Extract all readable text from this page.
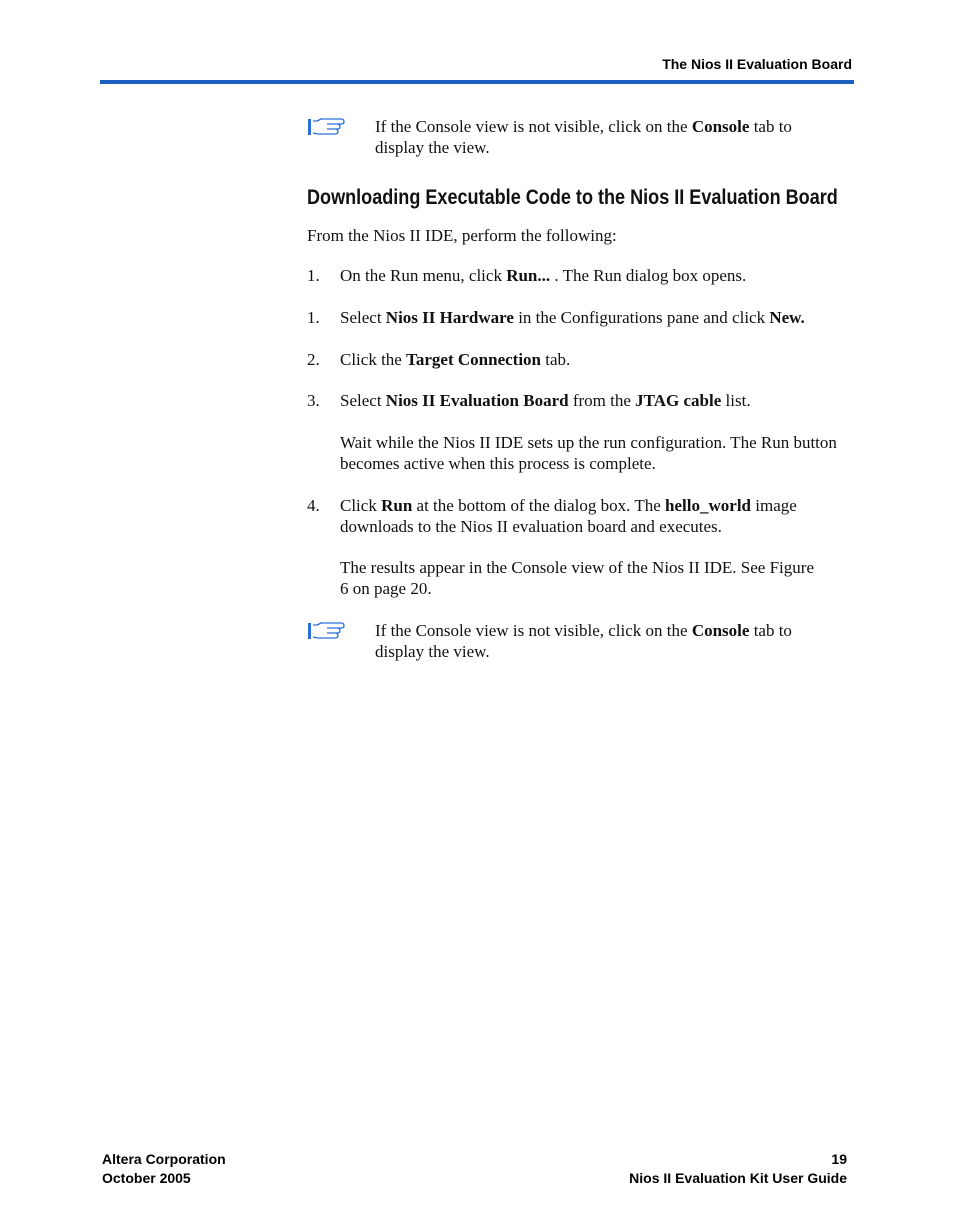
The Nios II Evaluation Board
If the Console view is not visible, click on the Console tab to display the view.
Downloading Executable Code to the Nios II Evaluation Board
From the Nios II IDE, perform the following:
1. On the Run menu, click Run... . The Run dialog box opens.
1. Select Nios II Hardware in the Configurations pane and click New.
2. Click the Target Connection tab.
3. Select Nios II Evaluation Board from the JTAG cable list.
Wait while the Nios II IDE sets up the run configuration. The Run button becomes active when this process is complete.
4. Click Run at the bottom of the dialog box. The hello_world image downloads to the Nios II evaluation board and executes.
The results appear in the Console view of the Nios II IDE. See Figure 6 on page 20.
If the Console view is not visible, click on the Console tab to display the view.
Altera Corporation
October 2005
19
Nios II Evaluation Kit User Guide
